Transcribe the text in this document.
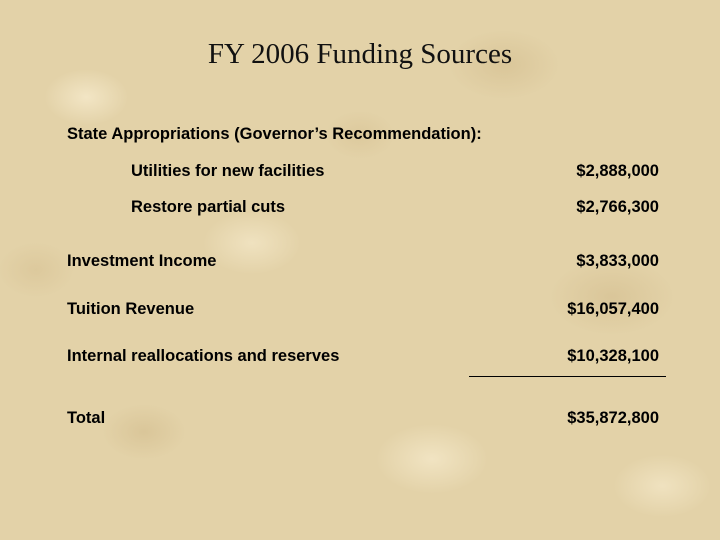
FY 2006 Funding Sources
State Appropriations (Governor’s Recommendation):
Utilities for new facilities	$2,888,000
Restore partial cuts	$2,766,300
Investment Income	$3,833,000
Tuition Revenue	$16,057,400
Internal reallocations and reserves	$10,328,100
Total	$35,872,800
